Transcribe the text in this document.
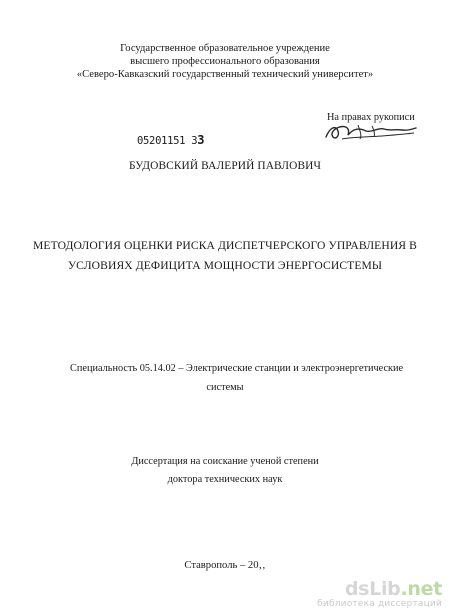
Государственное образовательное учреждение
высшего профессионального образования
«Северо-Кавказский государственный технический университет»
На правах рукописи
05201151 33
БУДОВСКИЙ ВАЛЕРИЙ ПАВЛОВИЧ
МЕТОДОЛОГИЯ ОЦЕНКИ РИСКА ДИСПЕТЧЕРСКОГО УПРАВЛЕНИЯ В
УСЛОВИЯХ ДЕФИЦИТА МОЩНОСТИ ЭНЕРГОСИСТЕМЫ
Специальность 05.14.02 – Электрические станции и электроэнергетические
системы
Диссертация на соискание ученой степени
доктора технических наук
Ставрополь – 20‚‚
dsLib.net
библиотека диссертаций
